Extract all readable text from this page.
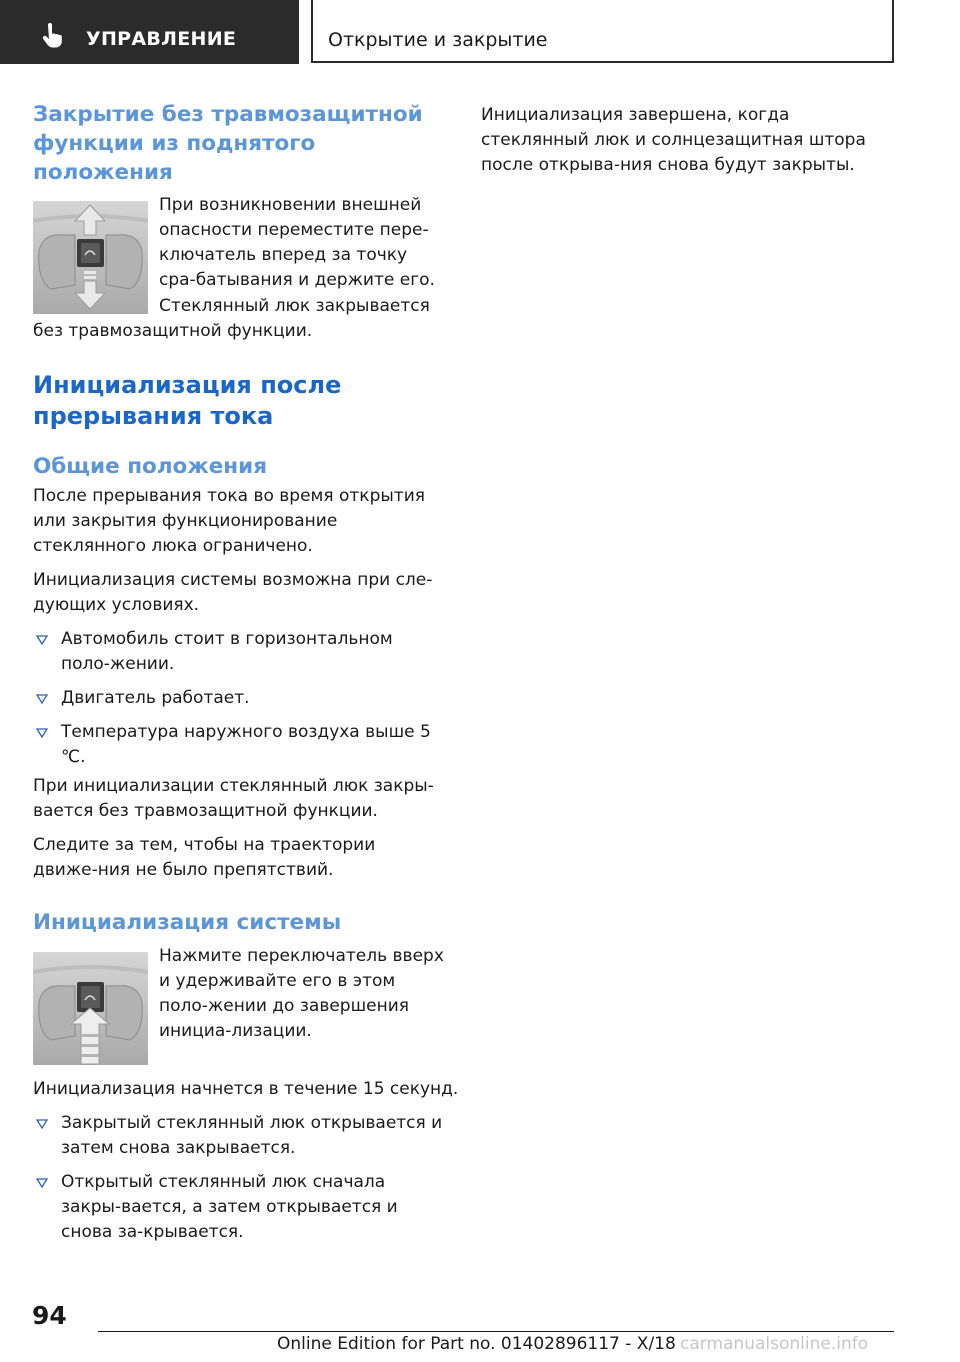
УПРАВЛЕНИЕ	Открытие и закрытие
Закрытие без травмозащитной функции из поднятого положения

При возникновении внешней опасности переместите пере-ключатель вперед за точку сра-батывания и держите его.

Стеклянный люк закрывается без травмозащитной функции.

Инициализация после прерывания тока
Общие положения

После прерывания тока во время открытия или закрытия функционирование стеклянного люка ограничено.

Инициализация системы возможна при сле-дующих условиях.

Автомобиль стоит в горизонтальном поло-жении.
Двигатель работает.
Температура наружного воздуха выше 5 ℃.

При инициализации стеклянный люк закры-вается без травмозащитной функции.

Следите за тем, чтобы на траектории движе-ния не было препятствий.

Инициализация системы

Нажмите переключатель вверх и удерживайте его в этом поло-жении до завершения инициа-лизации.

Инициализация начнется в течение 15 секунд.

Закрытый стеклянный люк открывается и затем снова закрывается.
Открытый стеклянный люк сначала закры-вается, а затем открывается и снова за-крывается.

Инициализация завершена, когда стеклянный люк и солнцезащитная штора после открыва-ния снова будут закрыты.

94
Online Edition for Part no. 01402896117 - X/18 carmanualsonline.info
